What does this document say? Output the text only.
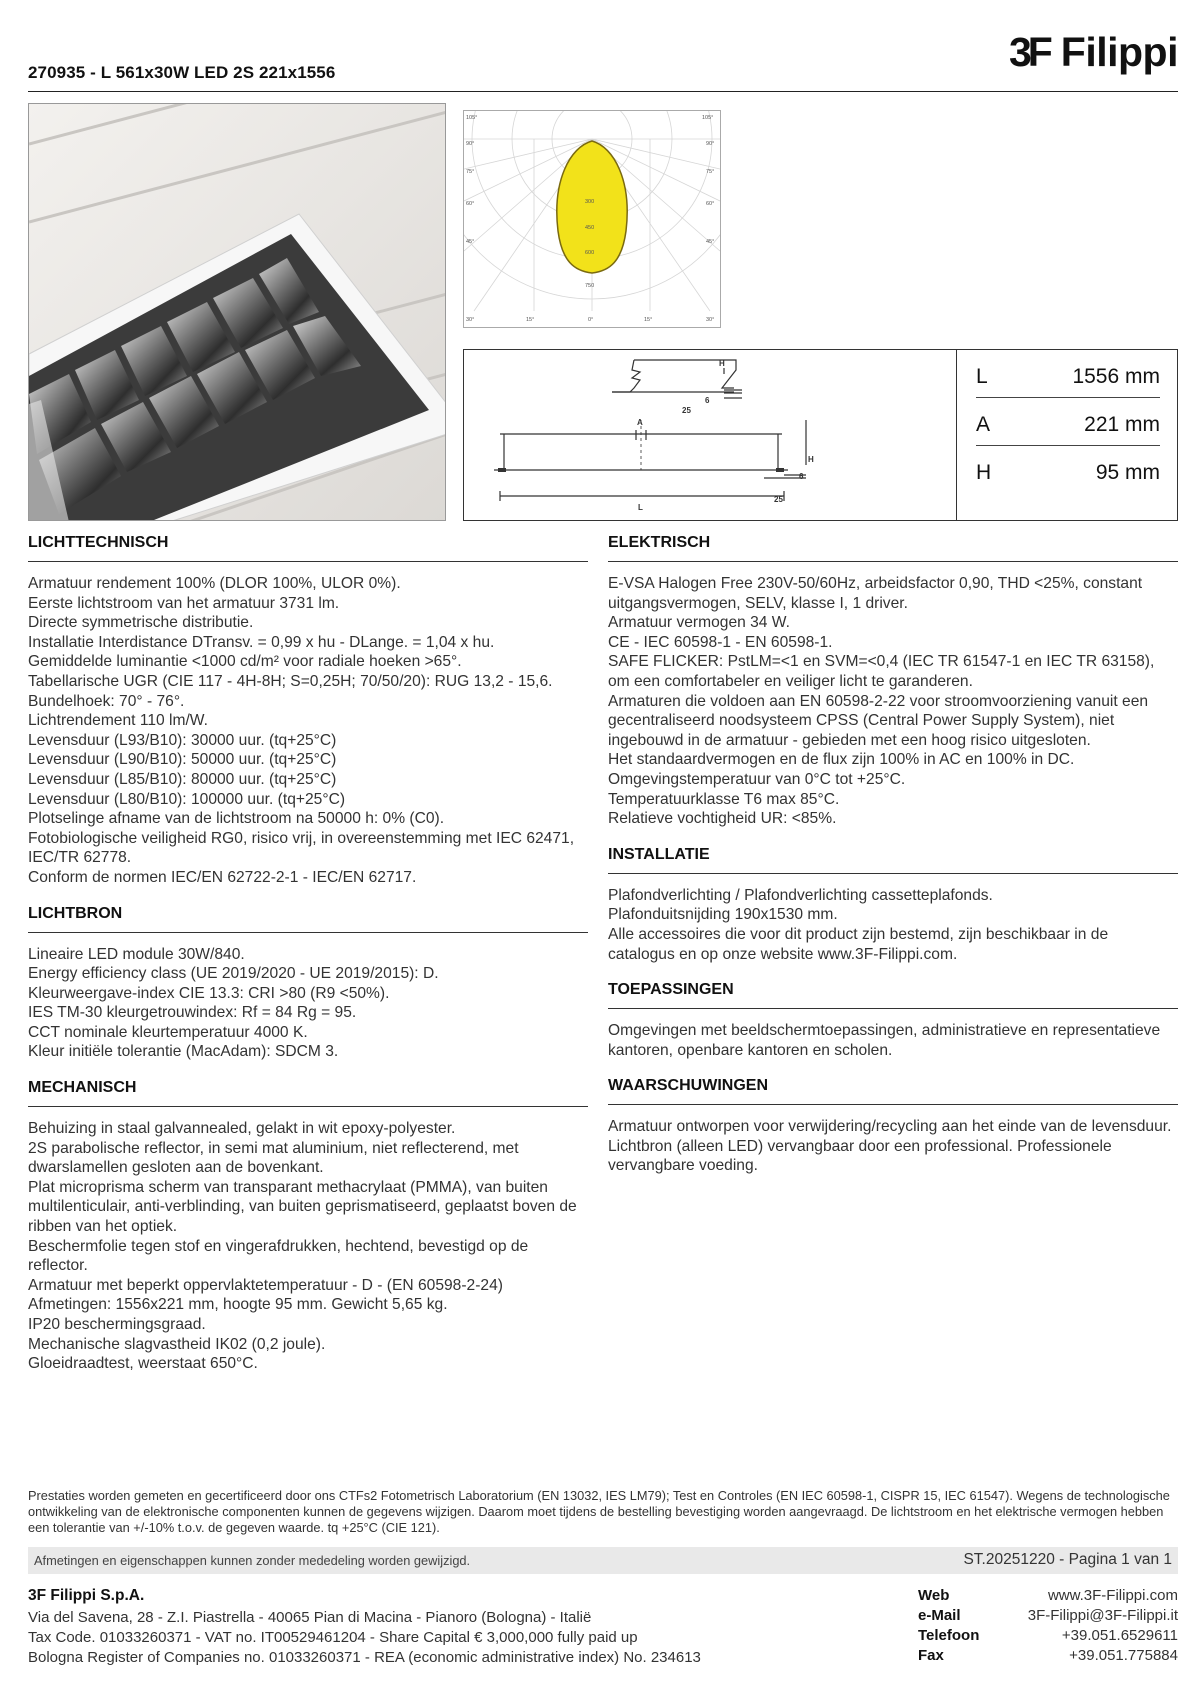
270935 - L 561x30W LED 2S 221x1556	3F Filippi
105°	105°
90°	90°
75°	75°
60°	60°
45°	45°
30°	30°
15°	15°
0°
300
450
600
750
H
6
25
A
H
6
25
L
L	1556 mm
A	221 mm
H	95 mm
LICHTTECHNISCH

Armatuur rendement 100% (DLOR 100%, ULOR 0%).

Eerste lichtstroom van het armatuur 3731 lm.

Directe symmetrische distributie.

Installatie Interdistance DTransv. = 0,99 x hu - DLange. = 1,04 x hu.

Gemiddelde luminantie <1000 cd/m² voor radiale hoeken >65°.

Tabellarische UGR (CIE 117 - 4H-8H; S=0,25H; 70/50/20): RUG 13,2 - 15,6.

Bundelhoek: 70° - 76°.

Lichtrendement 110 lm/W.

Levensduur (L93/B10): 30000 uur. (tq+25°C)

Levensduur (L90/B10): 50000 uur. (tq+25°C)

Levensduur (L85/B10): 80000 uur. (tq+25°C)

Levensduur (L80/B10): 100000 uur. (tq+25°C)

Plotselinge afname van de lichtstroom na 50000 h: 0% (C0).

Fotobiologische veiligheid RG0, risico vrij, in overeenstemming met IEC 62471, IEC/TR 62778.

Conform de normen IEC/EN 62722-2-1 - IEC/EN 62717.

LICHTBRON

Lineaire LED module 30W/840.

Energy efficiency class (UE 2019/2020 - UE 2019/2015): D.

Kleurweergave-index CIE 13.3: CRI >80 (R9 <50%).

IES TM-30 kleurgetrouwindex: Rf = 84 Rg = 95.

CCT nominale kleurtemperatuur 4000 K.

Kleur initiële tolerantie (MacAdam): SDCM 3.

MECHANISCH

Behuizing in staal galvannealed, gelakt in wit epoxy-polyester.

2S parabolische reflector, in semi mat aluminium, niet reflecterend, met dwarslamellen gesloten aan de bovenkant.

Plat microprisma scherm van transparant methacrylaat (PMMA), van buiten multilenticulair, anti-verblinding, van buiten geprismatiseerd, geplaatst boven de ribben van het optiek.

Beschermfolie tegen stof en vingerafdrukken, hechtend, bevestigd op de reflector.

Armatuur met beperkt oppervlaktetemperatuur - D - (EN 60598-2-24)

Afmetingen: 1556x221 mm, hoogte 95 mm. Gewicht 5,65 kg.

IP20 beschermingsgraad.

Mechanische slagvastheid IK02 (0,2 joule).

Gloeidraadtest, weerstaat 650°C.

ELEKTRISCH

E-VSA Halogen Free 230V-50/60Hz, arbeidsfactor 0,90, THD <25%, constant uitgangsvermogen, SELV, klasse I, 1 driver.

Armatuur vermogen 34 W.

CE - IEC 60598-1 - EN 60598-1.

SAFE FLICKER: PstLM=<1 en SVM=<0,4 (IEC TR 61547-1 en IEC TR 63158), om een comfortabeler en veiliger licht te garanderen.

Armaturen die voldoen aan EN 60598-2-22 voor stroomvoorziening vanuit een gecentraliseerd noodsysteem CPSS (Central Power Supply System), niet ingebouwd in de armatuur - gebieden met een hoog risico uitgesloten.

Het standaardvermogen en de flux zijn 100% in AC en 100% in DC.

Omgevingstemperatuur van 0°C tot +25°C.

Temperatuurklasse T6 max 85°C.

Relatieve vochtigheid UR: <85%.

INSTALLATIE

Plafondverlichting / Plafondverlichting cassetteplafonds.

Plafonduitsnijding 190x1530 mm.

Alle accessoires die voor dit product zijn bestemd, zijn beschikbaar in de catalogus en op onze website www.3F-Filippi.com.

TOEPASSINGEN

Omgevingen met beeldschermtoepassingen, administratieve en representatieve kantoren, openbare kantoren en scholen.

WAARSCHUWINGEN

Armatuur ontworpen voor verwijdering/recycling aan het einde van de levensduur.

Lichtbron (alleen LED) vervangbaar door een professional. Professionele vervangbare voeding.

Prestaties worden gemeten en gecertificeerd door ons CTFs2 Fotometrisch Laboratorium (EN 13032, IES LM79); Test en Controles (EN IEC 60598-1, CISPR 15, IEC 61547). Wegens de technologische ontwikkeling van de elektronische componenten kunnen de gegevens wijzigen. Daarom moet tijdens de bestelling bevestiging worden aangevraagd. De lichtstroom en het elektrische vermogen hebben een tolerantie van +/-10% t.o.v. de gegeven waarde. tq +25°C (CIE 121).
Afmetingen en eigenschappen kunnen zonder mededeling worden gewijzigd.	ST.20251220 - Pagina 1 van 1
3F Filippi S.p.A.
Via del Savena, 28 - Z.I. Piastrella - 40065 Pian di Macina - Pianoro (Bologna) - Italië
Tax Code. 01033260371 - VAT no. IT00529461204 - Share Capital € 3,000,000 fully paid up
Bologna Register of Companies no. 01033260371 - REA (economic administrative index) No. 234613
Web	www.3F-Filippi.com
e-Mail	3F-Filippi@3F-Filippi.it
Telefoon	+39.051.6529611
Fax	+39.051.775884
